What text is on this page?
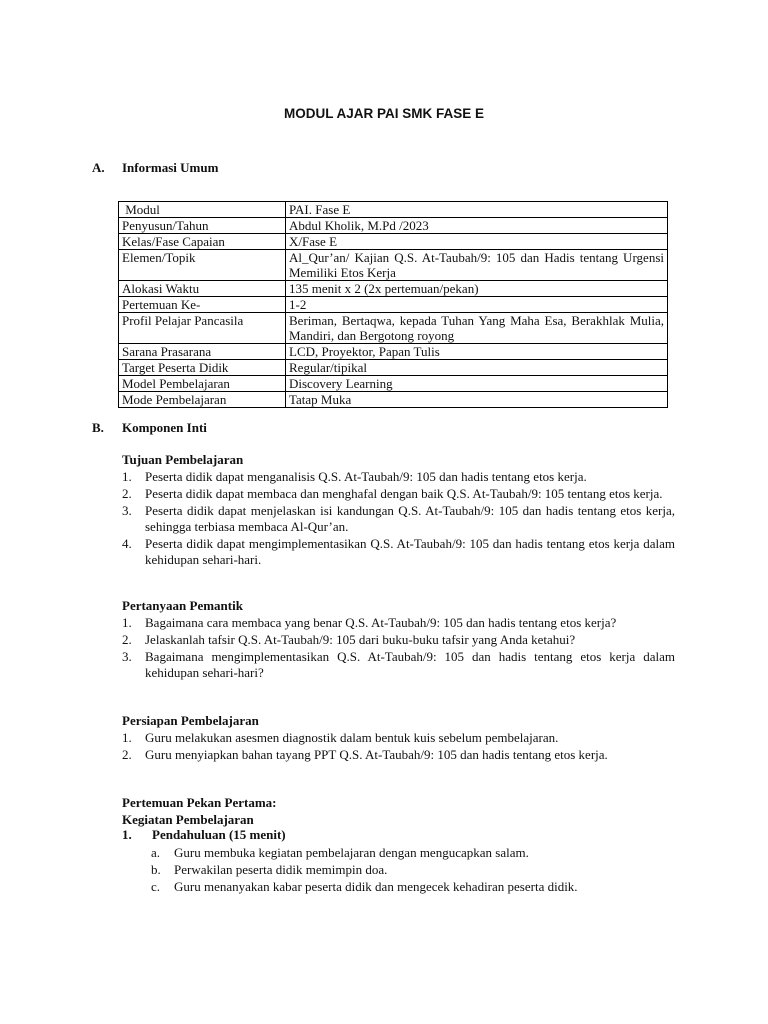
MODUL AJAR PAI SMK FASE E
A. Informasi Umum
Modul	PAI. Fase E
Penyusun/Tahun	Abdul Kholik, M.Pd /2023
Kelas/Fase Capaian	X/Fase E
Elemen/Topik	Al_Qur’an/ Kajian Q.S. At-Taubah/9: 105 dan Hadis tentang Urgensi Memiliki Etos Kerja
Alokasi Waktu	135 menit x 2 (2x pertemuan/pekan)
Pertemuan Ke-	1-2
Profil Pelajar Pancasila	Beriman, Bertaqwa, kepada Tuhan Yang Maha Esa, Berakhlak Mulia, Mandiri, dan Bergotong royong
Sarana Prasarana	LCD, Proyektor, Papan Tulis
Target Peserta Didik	Regular/tipikal
Model Pembelajaran	Discovery Learning
Mode Pembelajaran	Tatap Muka
B. Komponen Inti
Tujuan Pembelajaran
1. Peserta didik dapat menganalisis Q.S. At-Taubah/9: 105 dan hadis tentang etos kerja.
2. Peserta didik dapat membaca dan menghafal dengan baik Q.S. At-Taubah/9: 105 tentang etos kerja.
3. Peserta didik dapat menjelaskan isi kandungan Q.S. At-Taubah/9: 105 dan hadis tentang etos kerja, sehingga terbiasa membaca Al-Qur’an.
4. Peserta didik dapat mengimplementasikan Q.S. At-Taubah/9: 105 dan hadis tentang etos kerja dalam kehidupan sehari-hari.
Pertanyaan Pemantik
1. Bagaimana cara membaca yang benar Q.S. At-Taubah/9: 105 dan hadis tentang etos kerja?
2. Jelaskanlah tafsir Q.S. At-Taubah/9: 105 dari buku-buku tafsir yang Anda ketahui?
3. Bagaimana mengimplementasikan Q.S. At-Taubah/9: 105 dan hadis tentang etos kerja dalam kehidupan sehari-hari?
Persiapan Pembelajaran
1. Guru melakukan asesmen diagnostik dalam bentuk kuis sebelum pembelajaran.
2. Guru menyiapkan bahan tayang PPT Q.S. At-Taubah/9: 105 dan hadis tentang etos kerja.
Pertemuan Pekan Pertama:
Kegiatan Pembelajaran
1. Pendahuluan (15 menit)
a. Guru membuka kegiatan pembelajaran dengan mengucapkan salam.
b. Perwakilan peserta didik memimpin doa.
c. Guru menanyakan kabar peserta didik dan mengecek kehadiran peserta didik.
